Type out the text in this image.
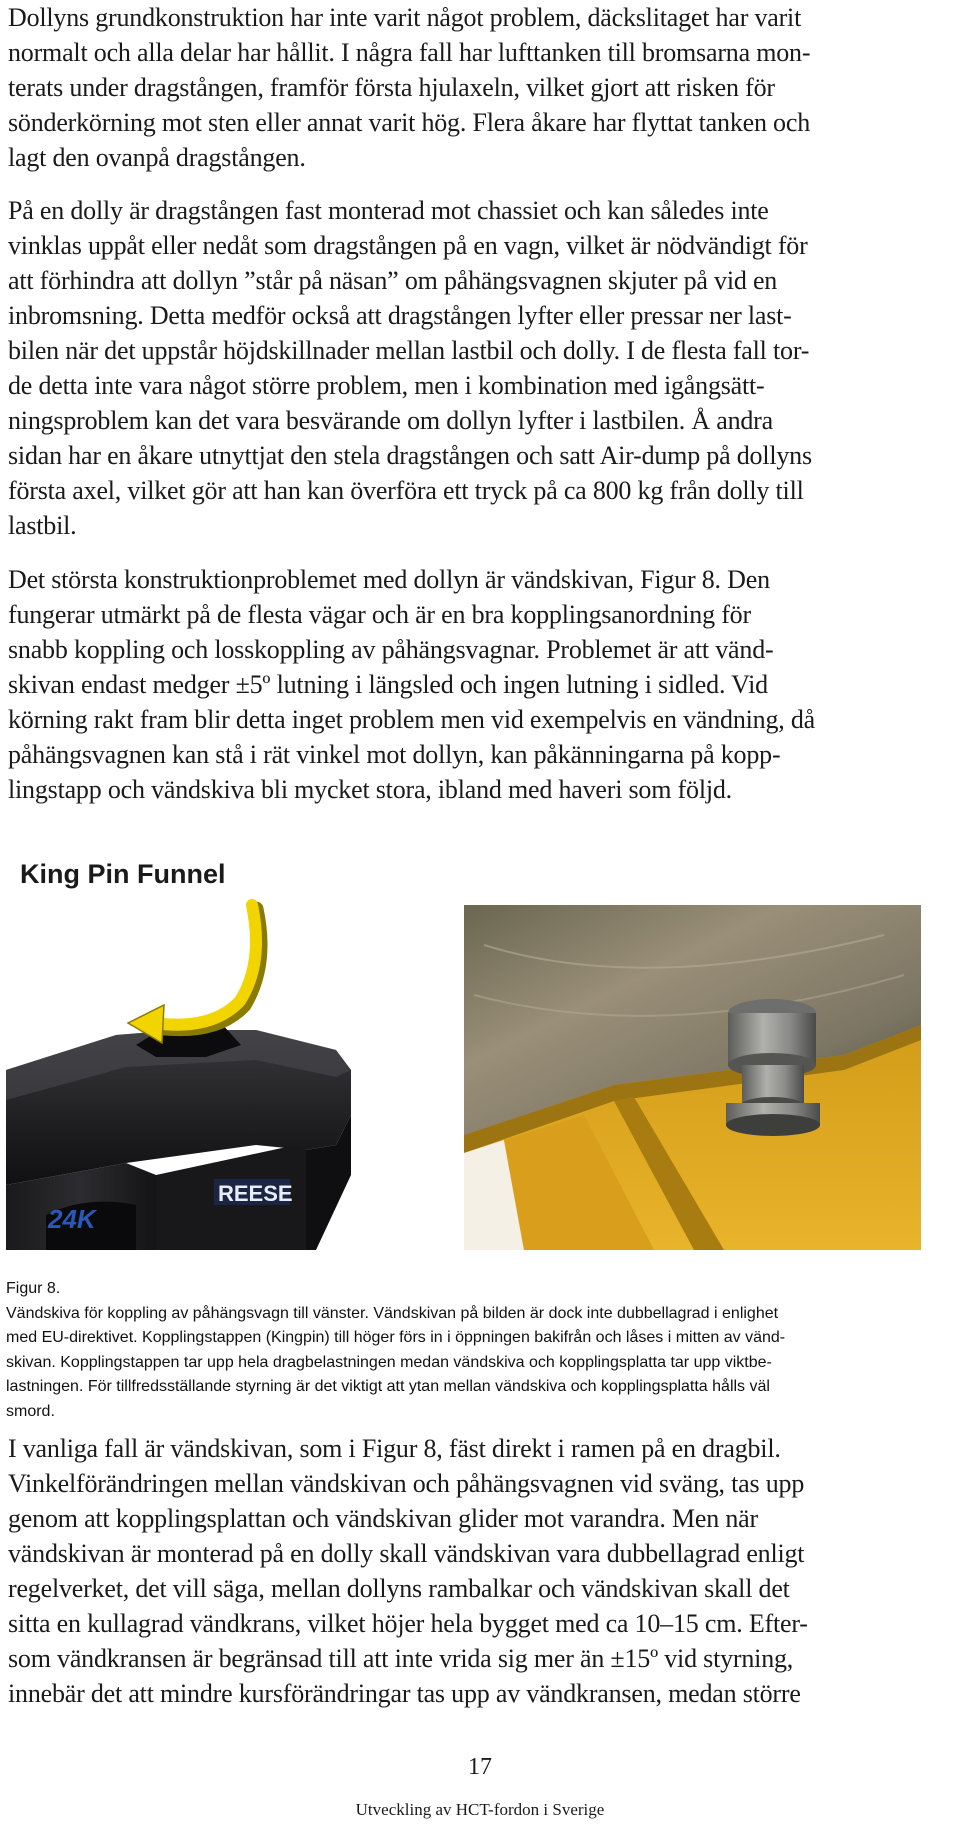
Dollyns grundkonstruktion har inte varit något problem, däckslitaget har varit
normalt och alla delar har hållit. I några fall har lufttanken till bromsarna mon-
terats under dragstången, framför första hjulaxeln, vilket gjort att risken för
sönderkörning mot sten eller annat varit hög. Flera åkare har flyttat tanken och
lagt den ovanpå dragstången.

På en dolly är dragstången fast monterad mot chassiet och kan således inte
vinklas uppåt eller nedåt som dragstången på en vagn, vilket är nödvändigt för
att förhindra att dollyn ”står på näsan” om påhängsvagnen skjuter på vid en
inbromsning. Detta medför också att dragstången lyfter eller pressar ner last-
bilen när det uppstår höjdskillnader mellan lastbil och dolly. I de flesta fall tor-
de detta inte vara något större problem, men i kombination med igångsätt-
ningsproblem kan det vara besvärande om dollyn lyfter i lastbilen. Å andra
sidan har en åkare utnyttjat den stela dragstången och satt Air-dump på dollyns
första axel, vilket gör att han kan överföra ett tryck på ca 800 kg från dolly till
lastbil.

Det största konstruktionproblemet med dollyn är vändskivan, Figur 8. Den
fungerar utmärkt på de flesta vägar och är en bra kopplingsanordning för
snabb koppling och losskoppling av påhängsvagnar. Problemet är att vänd-
skivan endast medger ±5º lutning i längsled och ingen lutning i sidled. Vid
körning rakt fram blir detta inget problem men vid exempelvis en vändning, då
påhängsvagnen kan stå i rät vinkel mot dollyn, kan påkänningarna på kopp-
lingstapp och vändskiva bli mycket stora, ibland med haveri som följd.

King Pin Funnel
24K
REESE
Figur 8.
Vändskiva för koppling av påhängsvagn till vänster. Vändskivan på bilden är dock inte dubbellagrad i enlighet
med EU-direktivet. Kopplingstappen (Kingpin) till höger förs in i öppningen bakifrån och låses i mitten av vänd-
skivan. Kopplingstappen tar upp hela dragbelastningen medan vändskiva och kopplingsplatta tar upp viktbe-
lastningen. För tillfredsställande styrning är det viktigt att ytan mellan vändskiva och kopplingsplatta hålls väl
smord.

I vanliga fall är vändskivan, som i Figur 8, fäst direkt i ramen på en dragbil.
Vinkelförändringen mellan vändskivan och påhängsvagnen vid sväng, tas upp
genom att kopplingsplattan och vändskivan glider mot varandra. Men när
vändskivan är monterad på en dolly skall vändskivan vara dubbellagrad enligt
regelverket, det vill säga, mellan dollyns rambalkar och vändskivan skall det
sitta en kullagrad vändkrans, vilket höjer hela bygget med ca 10–15 cm. Efter-
som vändkransen är begränsad till att inte vrida sig mer än ±15º vid styrning,
innebär det att mindre kursförändringar tas upp av vändkransen, medan större

17
Utveckling av HCT-fordon i Sverige
